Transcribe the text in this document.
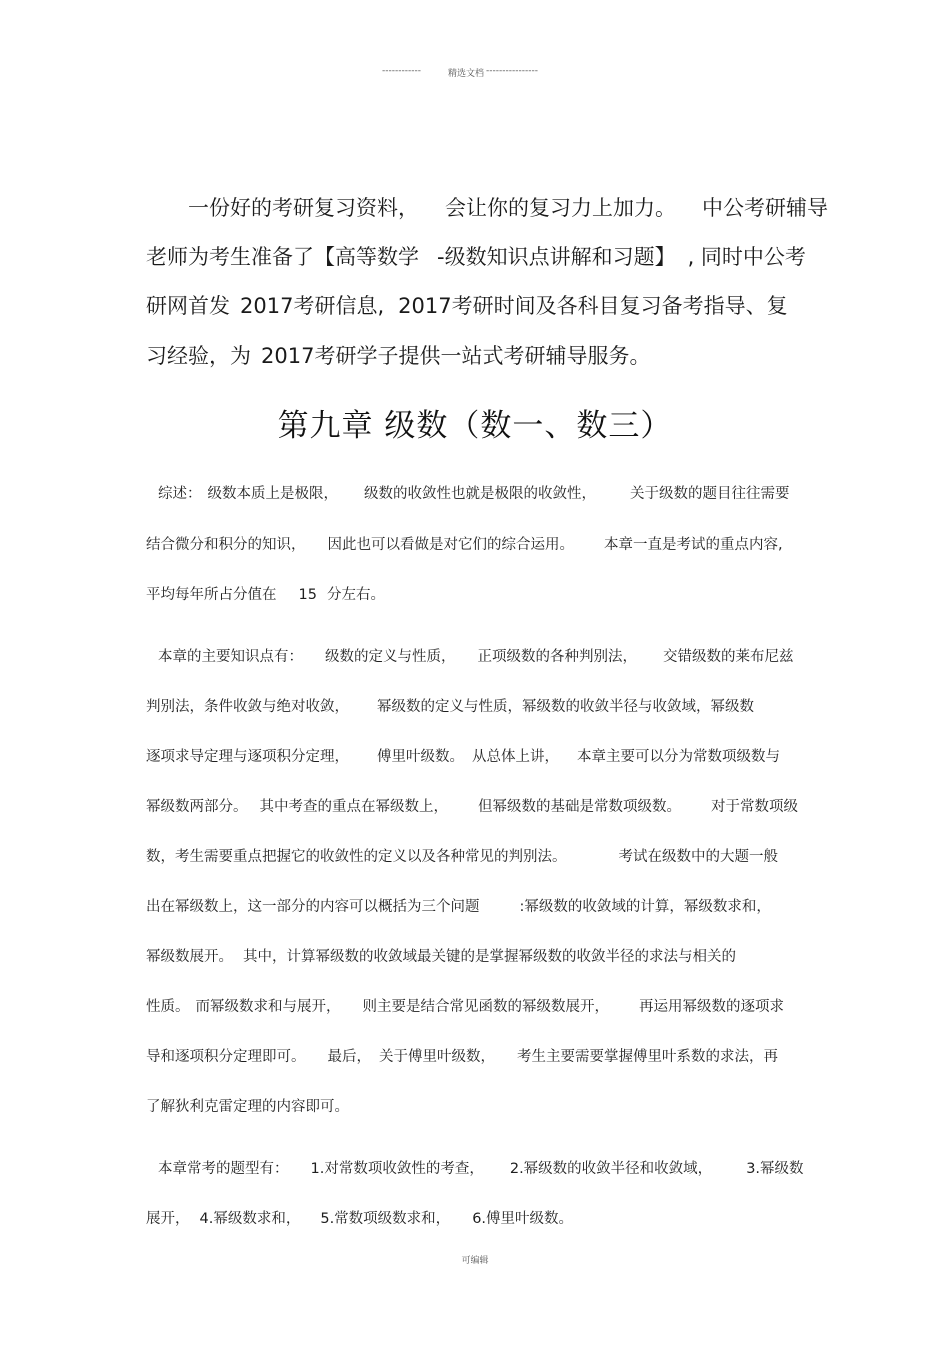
------------	精选文档 ----------------
一份好的考研复习资料， 会让你的复习力上加力。 中公考研辅导
老师为考生准备了【高等数学 -级数知识点讲解和习题】 , 同时中公考
研网首发 2017考研信息, 2017考研时间及各科目复习备考指导、复
习经验，为 2017考研学子提供一站式考研辅导服务。
第九章 级数（数一、数三）
综述： 级数本质上是极限， 级数的收敛性也就是极限的收敛性， 关于级数的题目往往需要
结合微分和积分的知识， 因此也可以看做是对它们的综合运用。 本章一直是考试的重点内容,
平均每年所占分值在 15 分左右。
本章的主要知识点有： 级数的定义与性质， 正项级数的各种判别法， 交错级数的莱布尼兹
判别法，条件收敛与绝对收敛， 幂级数的定义与性质，幂级数的收敛半径与收敛域，幂级数
逐项求导定理与逐项积分定理， 傅里叶级数。 从总体上讲， 本章主要可以分为常数项级数与
幂级数两部分。 其中考查的重点在幂级数上， 但幂级数的基础是常数项级数。 对于常数项级
数，考生需要重点把握它的收敛性的定义以及各种常见的判别法。	考试在级数中的大题一般
出在幂级数上，这一部分的内容可以概括为三个问题	:幂级数的收敛域的计算，幂级数求和，
幂级数展开。 其中，计算幂级数的收敛域最关键的是掌握幂级数的收敛半径的求法与相关的
性质。 而幂级数求和与展开， 则主要是结合常见函数的幂级数展开， 再运用幂级数的逐项求
导和逐项积分定理即可。 最后， 关于傅里叶级数， 考生主要需要掌握傅里叶系数的求法，再
了解狄利克雷定理的内容即可。
本章常考的题型有： 1.对常数项收敛性的考查， 2.幂级数的收敛半径和收敛域， 3.幂级数
展开， 4.幂级数求和， 5.常数项级数求和， 6.傅里叶级数。
可编辑
